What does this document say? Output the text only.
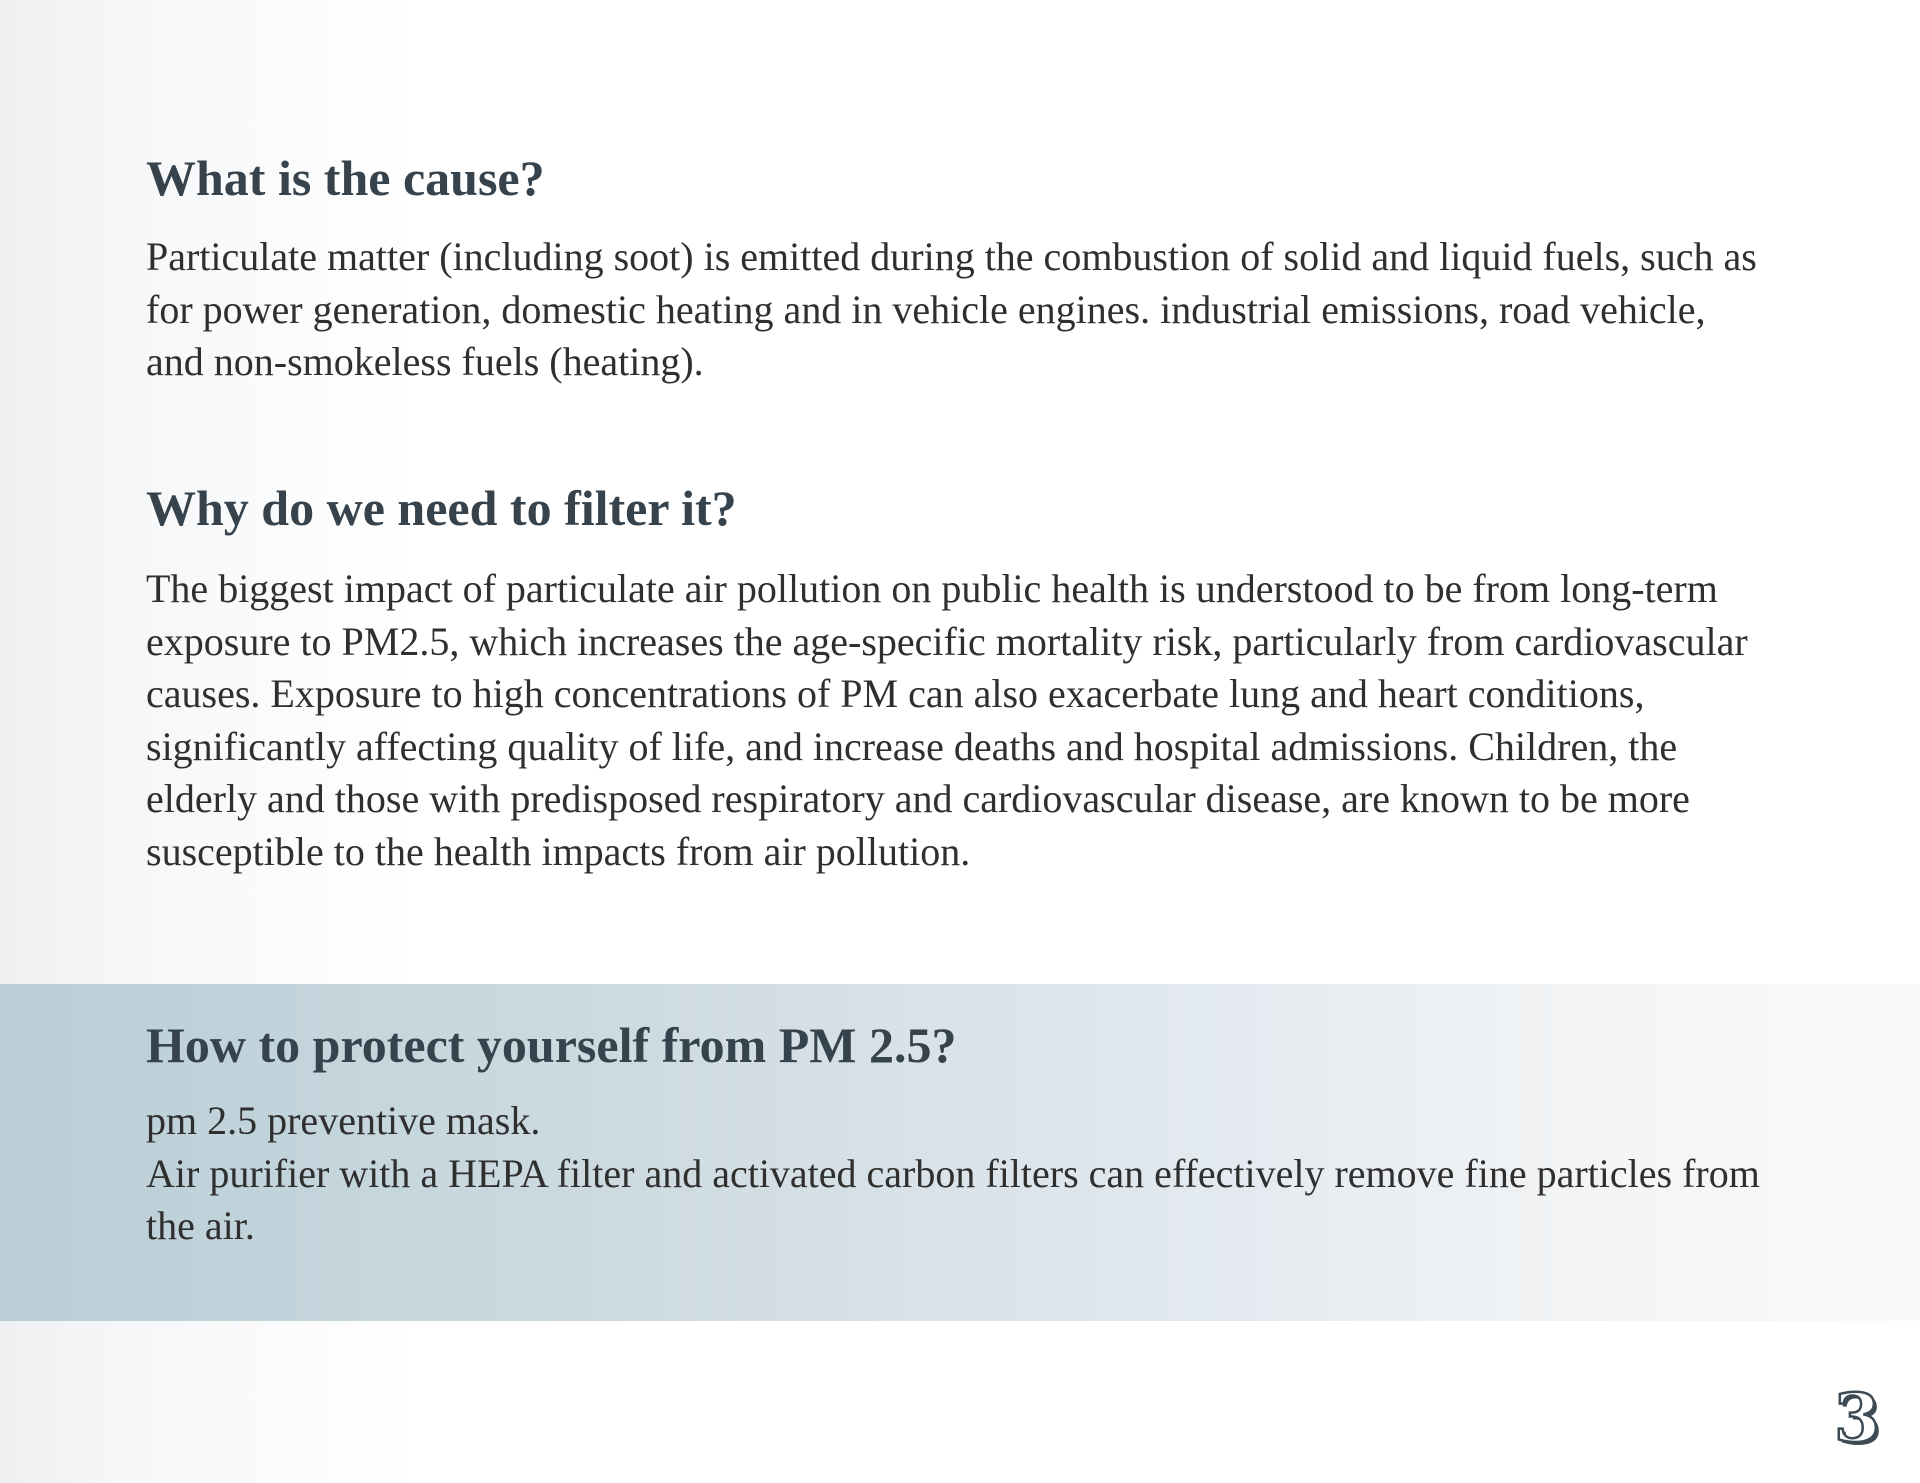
What is the cause?

Particulate matter (including soot) is emitted during the combustion of solid and liquid fuels, such as for power generation, domestic heating and in vehicle engines. industrial emissions, road vehicle, and non-smokeless fuels (heating).

Why do we need to filter it?

The biggest impact of particulate air pollution on public health is understood to be from long-term exposure to PM2.5, which increases the age-specific mortality risk, particularly from cardiovascular causes. Exposure to high concentrations of PM can also exacerbate lung and heart conditions, significantly affecting quality of life, and increase deaths and hospital admissions. Children, the elderly and those with predisposed respiratory and cardiovascular disease, are known to be more susceptible to the health impacts from air pollution.

How to protect yourself from PM 2.5?

pm 2.5 preventive mask.
Air purifier with a HEPA filter and activated carbon filters can effectively remove fine particles from the air.

3
